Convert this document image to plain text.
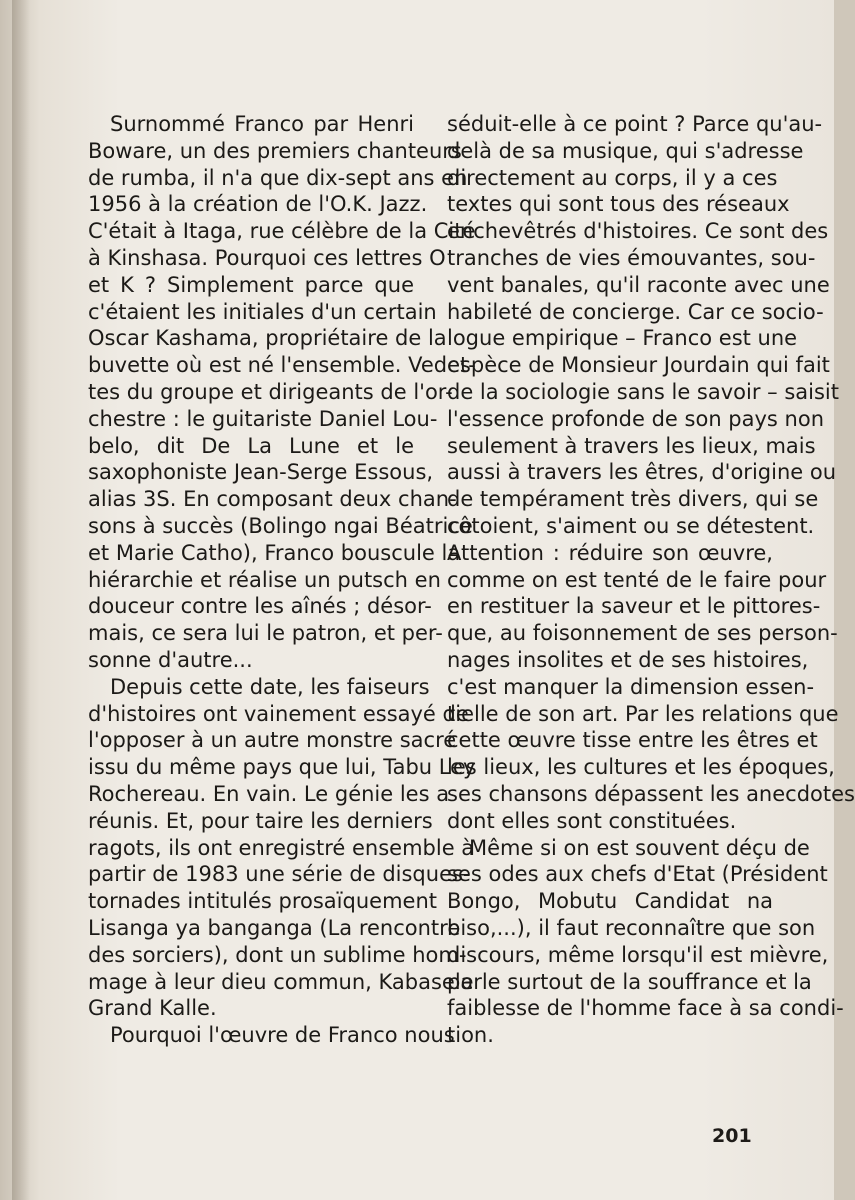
Surnommé Franco par Henri
Boware, un des premiers chanteurs
de rumba, il n'a que dix-sept ans en
1956 à la création de l'O.K. Jazz.
C'était à Itaga, rue célèbre de la Cité
à Kinshasa. Pourquoi ces lettres O
et K ? Simplement parce que
c'étaient les initiales d'un certain
Oscar Kashama, propriétaire de la
buvette où est né l'ensemble. Vedet-
tes du groupe et dirigeants de l'or-
chestre : le guitariste Daniel Lou-
belo, dit De La Lune et le
saxophoniste Jean-Serge Essous,
alias 3S. En composant deux chan-
sons à succès (Bolingo ngai Béatrice
et Marie Catho), Franco bouscule la
hiérarchie et réalise un putsch en
douceur contre les aînés ; désor-
mais, ce sera lui le patron, et per-
sonne d'autre...
Depuis cette date, les faiseurs
d'histoires ont vainement essayé de
l'opposer à un autre monstre sacré
issu du même pays que lui, Tabu Ley
Rochereau. En vain. Le génie les a
réunis. Et, pour taire les derniers
ragots, ils ont enregistré ensemble à
partir de 1983 une série de disques-
tornades intitulés prosaïquement
Lisanga ya banganga (La rencontre
des sorciers), dont un sublime hom-
mage à leur dieu commun, Kabasele
Grand Kalle.
Pourquoi l'œuvre de Franco nous
séduit-elle à ce point ? Parce qu'au-
delà de sa musique, qui s'adresse
directement au corps, il y a ces
textes qui sont tous des réseaux
enchevêtrés d'histoires. Ce sont des
tranches de vies émouvantes, sou-
vent banales, qu'il raconte avec une
habileté de concierge. Car ce socio-
logue empirique – Franco est une
espèce de Monsieur Jourdain qui fait
de la sociologie sans le savoir – saisit
l'essence profonde de son pays non
seulement à travers les lieux, mais
aussi à travers les êtres, d'origine ou
de tempérament très divers, qui se
côtoient, s'aiment ou se détestent.
Attention : réduire son œuvre,
comme on est tenté de le faire pour
en restituer la saveur et le pittores-
que, au foisonnement de ses person-
nages insolites et de ses histoires,
c'est manquer la dimension essen-
tielle de son art. Par les relations que
cette œuvre tisse entre les êtres et
les lieux, les cultures et les époques,
ses chansons dépassent les anecdotes
dont elles sont constituées.
Même si on est souvent déçu de
ses odes aux chefs d'Etat (Président
Bongo, Mobutu Candidat na
biso,...), il faut reconnaître que son
discours, même lorsqu'il est mièvre,
parle surtout de la souffrance et la
faiblesse de l'homme face à sa condi-
tion.
201
